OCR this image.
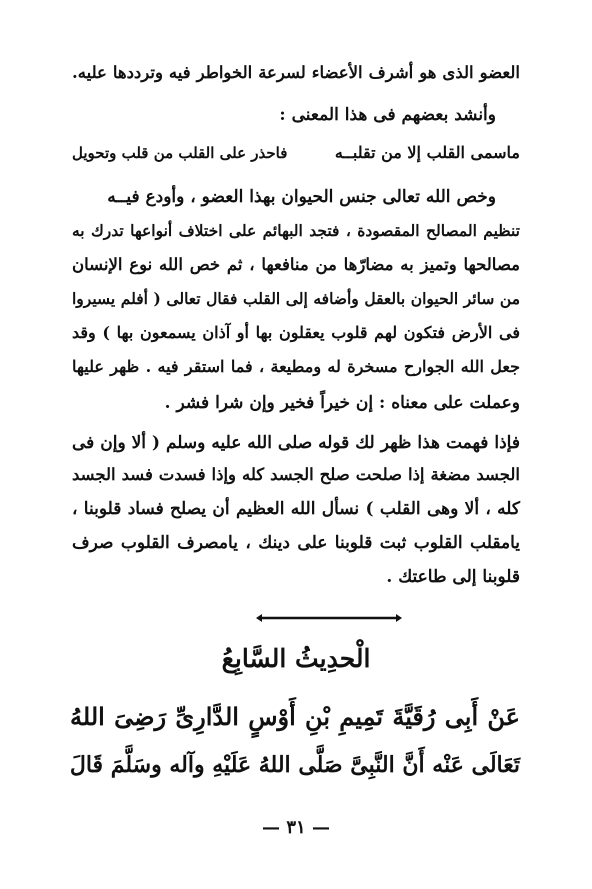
العضو الذى هو أشرف الأعضاء لسرعة الخواطر فيه وترددها عليه.
وأنشد بعضهم فى هذا المعنى :
ماسمى القلب إلا من تقلبــه
فاحذر على القلب من قلب وتحويل
وخص الله تعالى جنس الحيوان بهذا العضو ، وأودع فيــه
تنظيم المصالح المقصودة ، فتجد البهائم على اختلاف أنواعها تدرك به
مصالحها وتميز به مضارّها من منافعها ، ثم خص الله نوع الإنسان
من سائر الحيوان بالعقل وأضافه إلى القلب فقال تعالى ( أفلم يسيروا
فى الأرض فتكون لهم قلوب يعقلون بها أو آذان يسمعون بها ) وقد
جعل الله الجوارح مسخرة له ومطيعة ، فما استقر فيه . ظهر عليها
وعملت على معناه : إن خيراً فخير وإن شرا فشر .
فإذا فهمت هذا ظهر لك قوله صلى الله عليه وسلم ( ألا وإن فى
الجسد مضغة إذا صلحت صلح الجسد كله وإذا فسدت فسد الجسد
كله ، ألا وهى القلب ) نسأل الله العظيم أن يصلح فساد قلوبنا ،
يامقلب القلوب ثبت قلوبنا على دينك ، يامصرف القلوب صرف
قلوبنا إلى طاعتك .
الْحدِيثُ السَّابِعُ
عَنْ أَبِى رُقَيَّةَ تَمِيمِ بْنِ أَوْسٍ الدَّارِىِّ رَضِىَ اللهُ
تَعَالَى عَنْه أَنَّ النَّبِىَّ صَلَّى اللهُ عَلَيْهِ وآله وسَلَّمَ قَالَ
— ٣١ —
